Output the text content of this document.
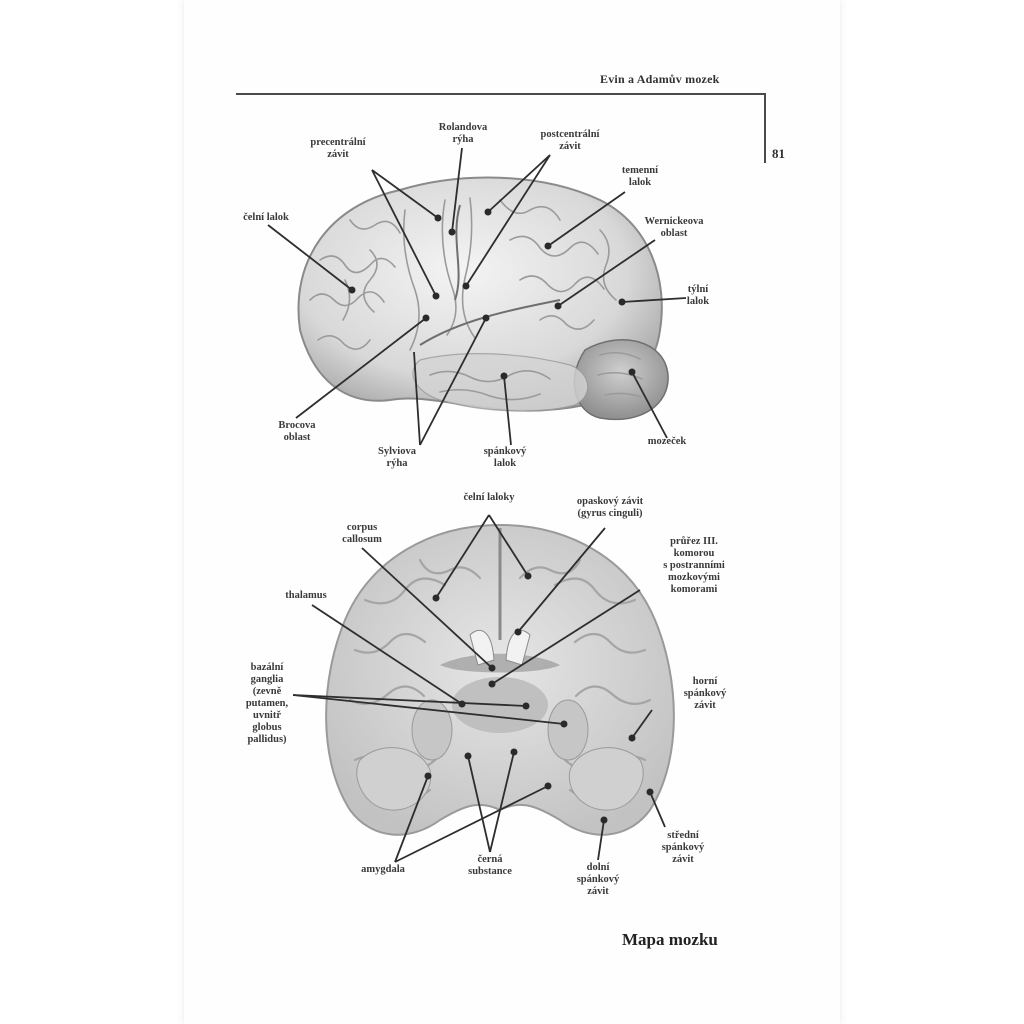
Evin a Adamův mozek
81
precentrální
závit
Rolandova
rýha	postcentrální
závit
temenní
lalok
čelní lalok	Wernickeova
oblast
týlní
lalok
Brocova
oblast
Sylviova
rýha
spánkový
lalok
mozeček
čelní laloky	opaskový závit
(gyrus cinguli)
corpus
callosum	průřez III.
komorou
s postranními
mozkovými
komorami
thalamus
bazální
ganglia
(zevně
putamen,
uvnitř
globus
pallidus)
horní
spánkový
závit
střední
spánkový
závit
amygdala
černá
substance	dolní
spánkový
závit
Mapa mozku
